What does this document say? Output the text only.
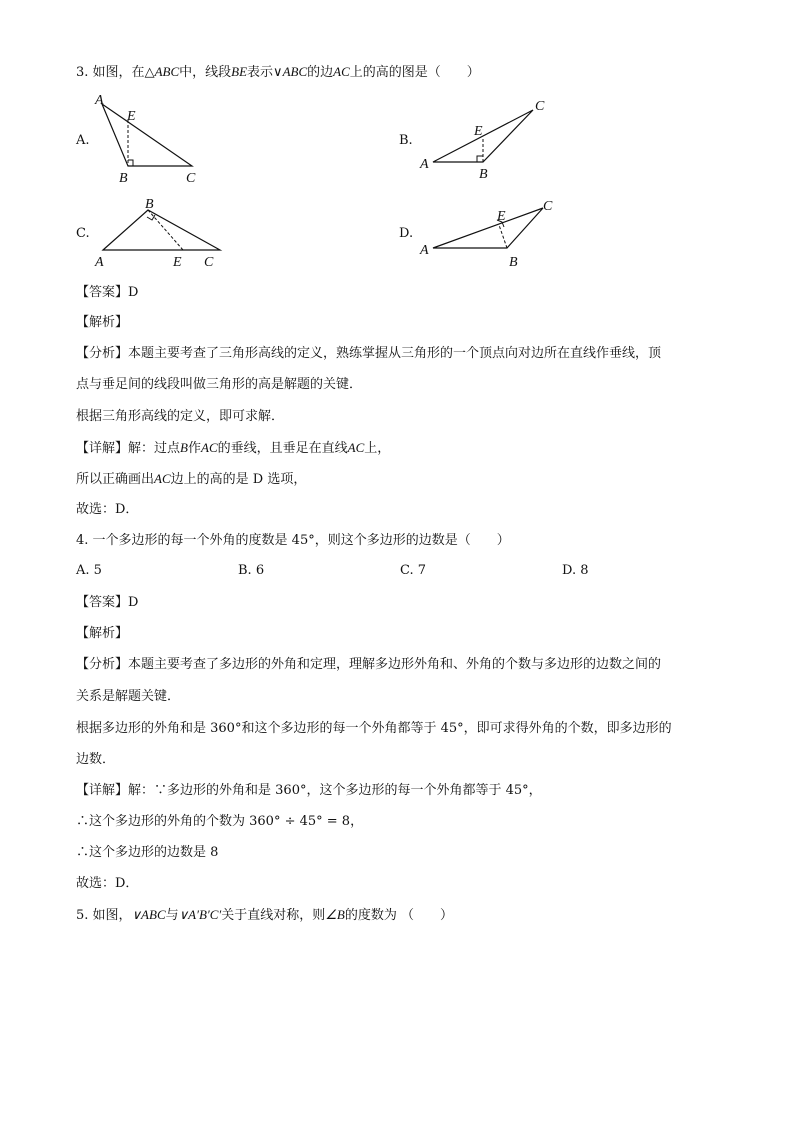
3. 如图，在△ABC中，线段BE表示∨ABC的边AC上的高的图是（　　）
A.
A
E
B	C
B.
A
E
B
C
C.
B
A	E C
D.
A
E
B
C
【答案】D
【解析】
【分析】本题主要考查了三角形高线的定义，熟练掌握从三角形的一个顶点向对边所在直线作垂线，顶
点与垂足间的线段叫做三角形的高是解题的关键．
根据三角形高线的定义，即可求解．
【详解】解：过点B作AC的垂线，且垂足在直线AC上，
所以正确画出AC边上的高的是 D 选项，
故选：D．
4. 一个多边形的每一个外角的度数是 45°，则这个多边形的边数是（　　）
A. 5	B. 6	C. 7	D. 8
【答案】D
【解析】
【分析】本题主要考查了多边形的外角和定理，理解多边形外角和、外角的个数与多边形的边数之间的
关系是解题关键．
根据多边形的外角和是 360°和这个多边形的每一个外角都等于 45°，即可求得外角的个数，即多边形的
边数．
【详解】解：∵多边形的外角和是 360°，这个多边形的每一个外角都等于 45°，
∴这个多边形的外角的个数为 360° ÷ 45° = 8，
∴这个多边形的边数是 8
故选：D．
5. 如图，∨ABC与∨A′B′C′关于直线对称，则∠B的度数为 （　　）
